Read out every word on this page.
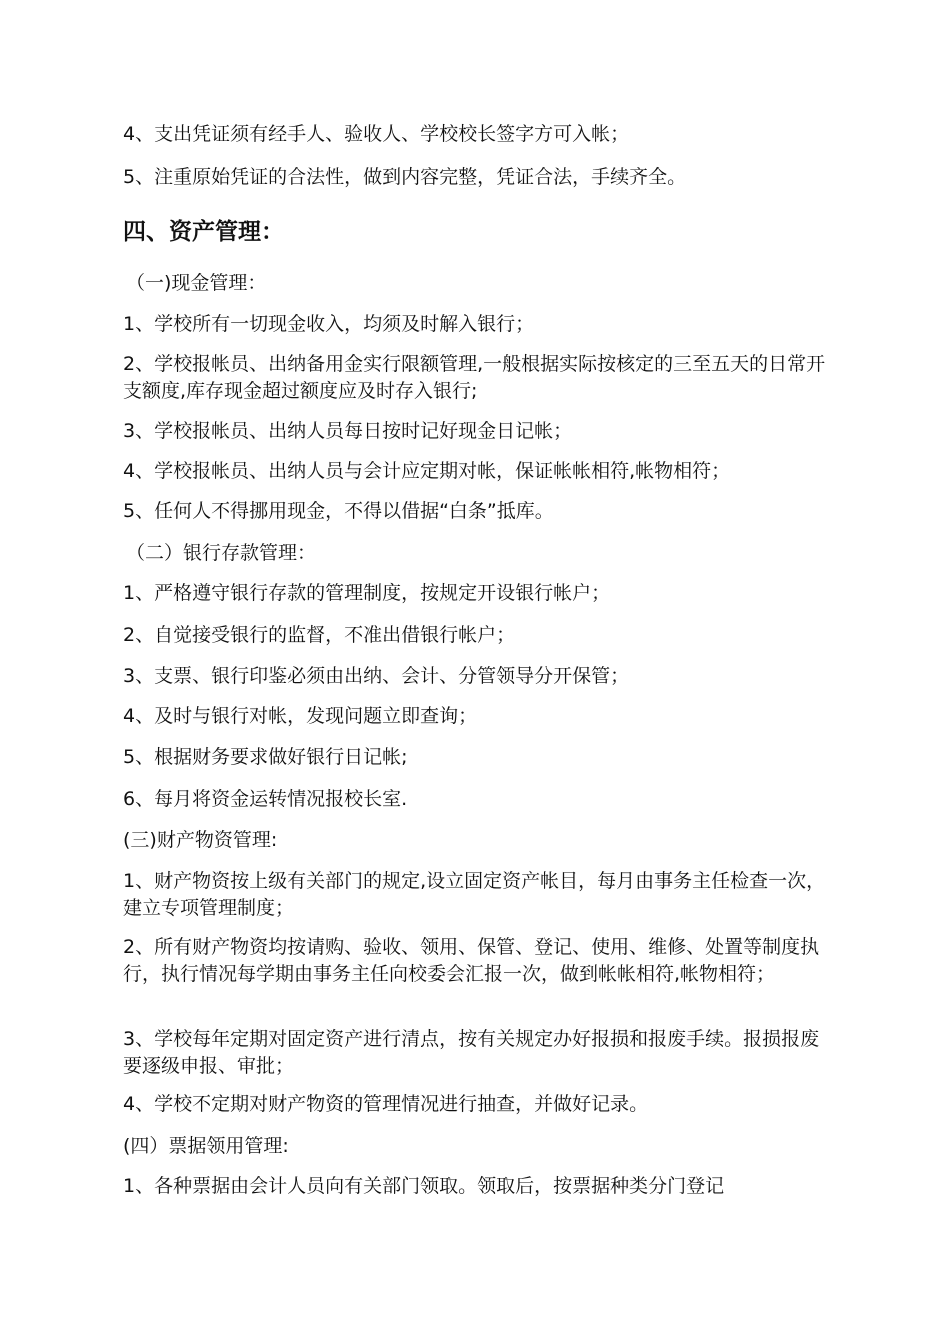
4、支出凭证须有经手人、验收人、学校校长签字方可入帐；

5、注重原始凭证的合法性，做到内容完整，凭证合法，手续齐全。

四、资产管理：

（一)现金管理：

1、学校所有一切现金收入，均须及时解入银行；

2、学校报帐员、出纳备用金实行限额管理,一般根据实际按核定的三至五天的日常开支额度,库存现金超过额度应及时存入银行;

3、学校报帐员、出纳人员每日按时记好现金日记帐；

4、学校报帐员、出纳人员与会计应定期对帐，保证帐帐相符,帐物相符；

5、任何人不得挪用现金，不得以借据“白条”抵库。

（二）银行存款管理：

1、严格遵守银行存款的管理制度，按规定开设银行帐户；

2、自觉接受银行的监督，不准出借银行帐户；

3、支票、银行印鉴必须由出纳、会计、分管领导分开保管；

4、及时与银行对帐，发现问题立即查询；

5、根据财务要求做好银行日记帐;

6、每月将资金运转情况报校长室.

(三)财产物资管理:

1、财产物资按上级有关部门的规定,设立固定资产帐目，每月由事务主任检查一次，建立专项管理制度；

2、所有财产物资均按请购、验收、领用、保管、登记、使用、维修、处置等制度执行，执行情况每学期由事务主任向校委会汇报一次，做到帐帐相符,帐物相符；

3、学校每年定期对固定资产进行清点，按有关规定办好报损和报废手续。报损报废要逐级申报、审批；

4、学校不定期对财产物资的管理情况进行抽查，并做好记录。

(四）票据领用管理:

1、各种票据由会计人员向有关部门领取。领取后，按票据种类分门登记
